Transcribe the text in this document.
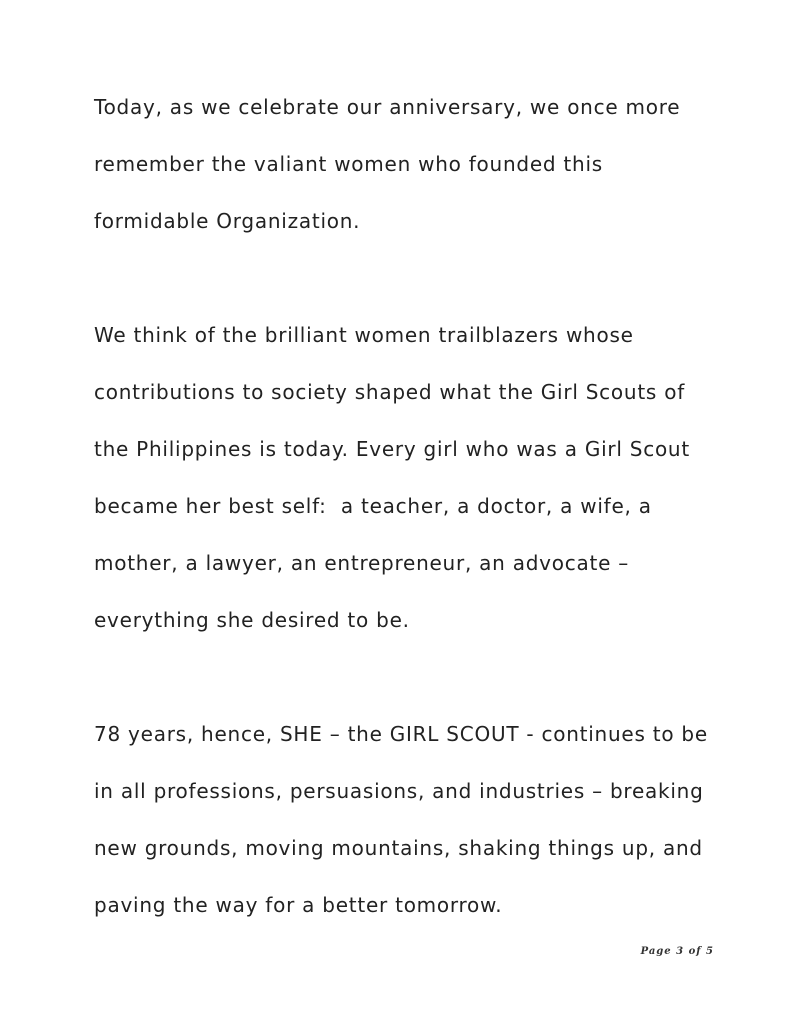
Today, as we celebrate our anniversary, we once more
remember the valiant women who founded this
formidable Organization.
We think of the brilliant women trailblazers whose
contributions to society shaped what the Girl Scouts of
the Philippines is today. Every girl who was a Girl Scout
became her best self:  a teacher, a doctor, a wife, a
mother, a lawyer, an entrepreneur, an advocate –
everything she desired to be.
78 years, hence, SHE – the GIRL SCOUT - continues to be
in all professions, persuasions, and industries – breaking
new grounds, moving mountains, shaking things up, and
paving the way for a better tomorrow.
Page 3 of 5
